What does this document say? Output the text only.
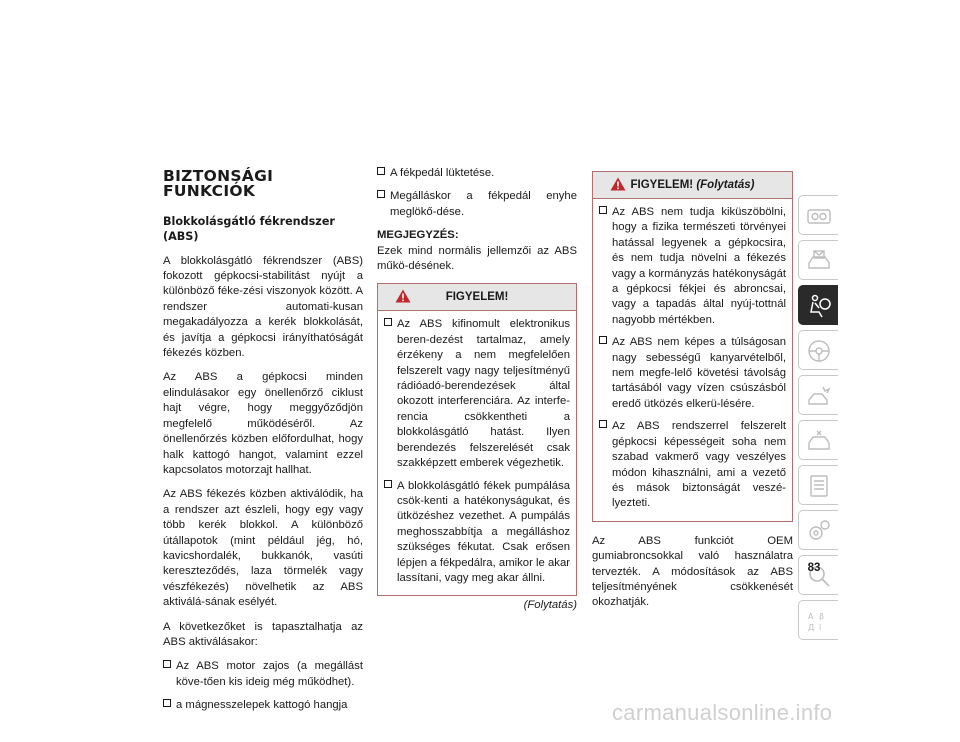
BIZTONSÁGI FUNKCIÓK
Blokkolásgátló fékrendszer (ABS)

A blokkolásgátló fékrendszer (ABS) fokozott gépkocsi-stabilitást nyújt a különböző féke-zési viszonyok között. A rendszer automati-kusan megakadályozza a kerék blokkolását, és javítja a gépkocsi irányíthatóságát fékezés közben.

Az ABS a gépkocsi minden elindulásakor egy önellenőrző ciklust hajt végre, hogy meggyőződjön megfelelő működéséről. Az önellenőrzés közben előfordulhat, hogy halk kattogó hangot, valamint ezzel kapcsolatos motorzajt hallhat.

Az ABS fékezés közben aktiválódik, ha a rendszer azt észleli, hogy egy vagy több kerék blokkol. A különböző útállapotok (mint például jég, hó, kavicshordalék, bukkanók, vasúti kereszteződés, laza törmelék vagy vészfékezés) növelhetik az ABS aktiválá-sának esélyét.

A következőket is tapasztalhatja az ABS aktiválásakor:

Az ABS motor zajos (a megállást köve-tően kis ideig még működhet).
a mágnesszelepek kattogó hangja
A fékpedál lüktetése.
Megálláskor a fékpedál enyhe meglökő-dése.
MEGJEGYZÉS:

Ezek mind normális jellemzői az ABS műkö-désének.

FIGYELEM!
Az ABS kifinomult elektronikus beren-dezést tartalmaz, amely érzékeny a nem megfelelően felszerelt vagy nagy teljesítményű rádióadó-berendezések által okozott interferenciára. Az interfe-rencia csökkentheti a blokkolásgátló hatást. Ilyen berendezés felszerelését csak szakképzett emberek végezhetik.
A blokkolásgátló fékek pumpálása csök-kenti a hatékonyságukat, és ütközéshez vezethet. A pumpálás meghosszabbítja a megálláshoz szükséges fékutat. Csak erősen lépjen a fékpedálra, amikor le akar lassítani, vagy meg akar állni.
(Folytatás)
FIGYELEM! (Folytatás)
Az ABS nem tudja kiküszöbölni, hogy a fizika természeti törvényei hatással legyenek a gépkocsira, és nem tudja növelni a fékezés vagy a kormányzás hatékonyságát a gépkocsi fékjei és abroncsai, vagy a tapadás által nyúj-tottnál nagyobb mértékben.
Az ABS nem képes a túlságosan nagy sebességű kanyarvételből, nem megfe-lelő követési távolság tartásából vagy vízen csúszásból eredő ütközés elkerü-lésére.
Az ABS rendszerrel felszerelt gépkocsi képességeit soha nem szabad vakmerő vagy veszélyes módon kihasználni, ami a vezető és mások biztonságát veszé-lyezteti.

Az ABS funkciót OEM gumiabroncsokkal való használatra tervezték. A módosítások az ABS teljesítményének csökkenését okozhatják.

A β
Д ا
83
carmanualsonline.info
